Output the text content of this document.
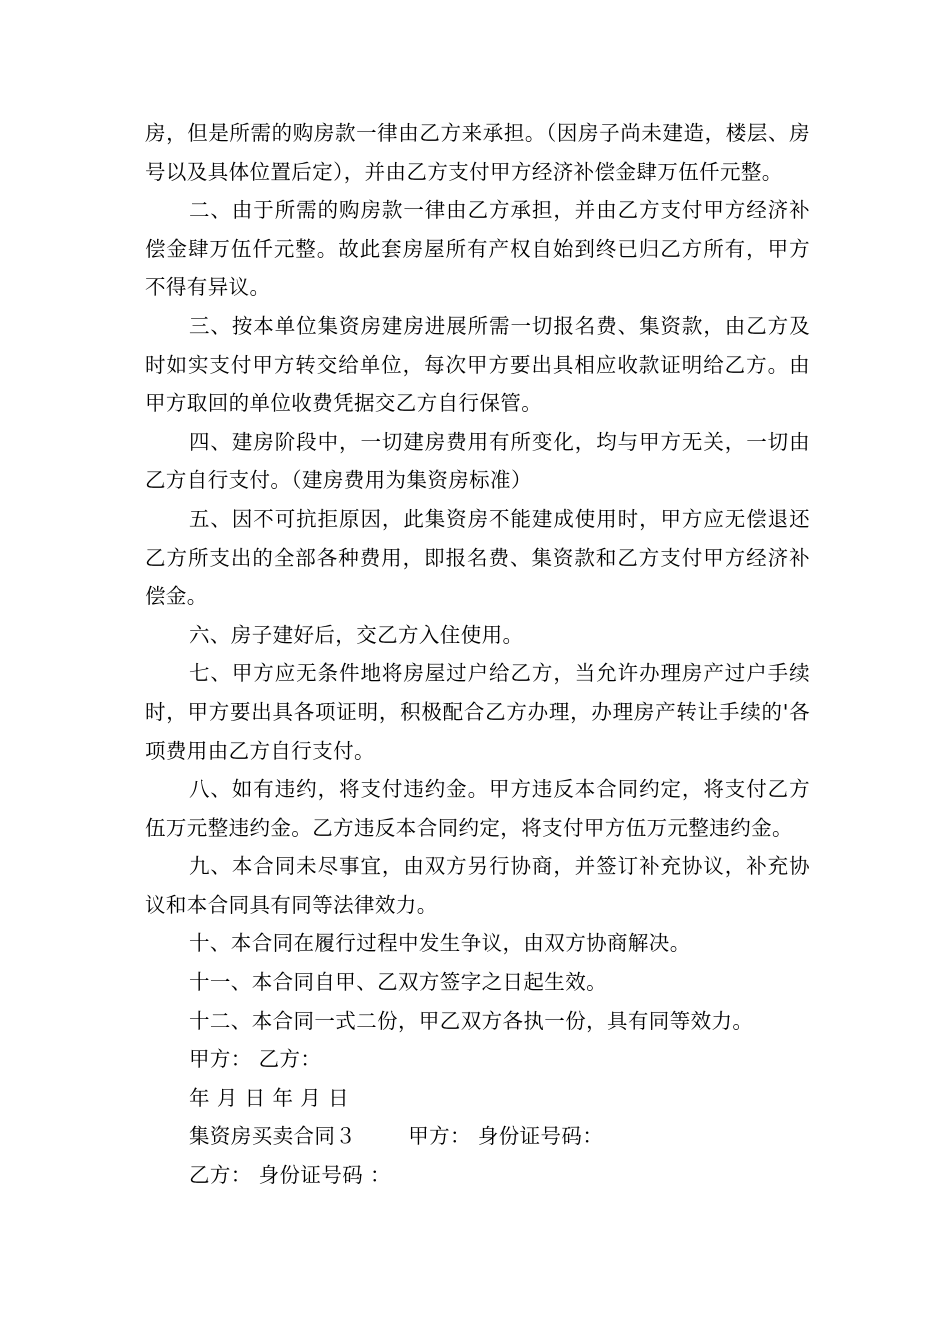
房，但是所需的购房款一律由乙方来承担。（因房子尚未建造，楼层、房号以及具体位置后定），并由乙方支付甲方经济补偿金肆万伍仟元整。

二、由于所需的购房款一律由乙方承担，并由乙方支付甲方经济补偿金肆万伍仟元整。故此套房屋所有产权自始到终已归乙方所有，甲方不得有异议。

三、按本单位集资房建房进展所需一切报名费、集资款，由乙方及时如实支付甲方转交给单位，每次甲方要出具相应收款证明给乙方。由甲方取回的单位收费凭据交乙方自行保管。

四、建房阶段中，一切建房费用有所变化，均与甲方无关，一切由乙方自行支付。（建房费用为集资房标准）

五、因不可抗拒原因，此集资房不能建成使用时，甲方应无偿退还乙方所支出的全部各种费用，即报名费、集资款和乙方支付甲方经济补偿金。

六、房子建好后，交乙方入住使用。

七、甲方应无条件地将房屋过户给乙方，当允许办理房产过户手续时，甲方要出具各项证明，积极配合乙方办理，办理房产转让手续的'各项费用由乙方自行支付。

八、如有违约，将支付违约金。甲方违反本合同约定，将支付乙方伍万元整违约金。乙方违反本合同约定，将支付甲方伍万元整违约金。

九、本合同未尽事宜，由双方另行协商，并签订补充协议，补充协议和本合同具有同等法律效力。

十、本合同在履行过程中发生争议，由双方协商解决。

十一、本合同自甲、乙双方签字之日起生效。

十二、本合同一式二份，甲乙双方各执一份，具有同等效力。

甲方： 乙方：

年 月 日 年 月 日

集资房买卖合同３	甲方： 身份证号码：

乙方： 身份证号码 ：
